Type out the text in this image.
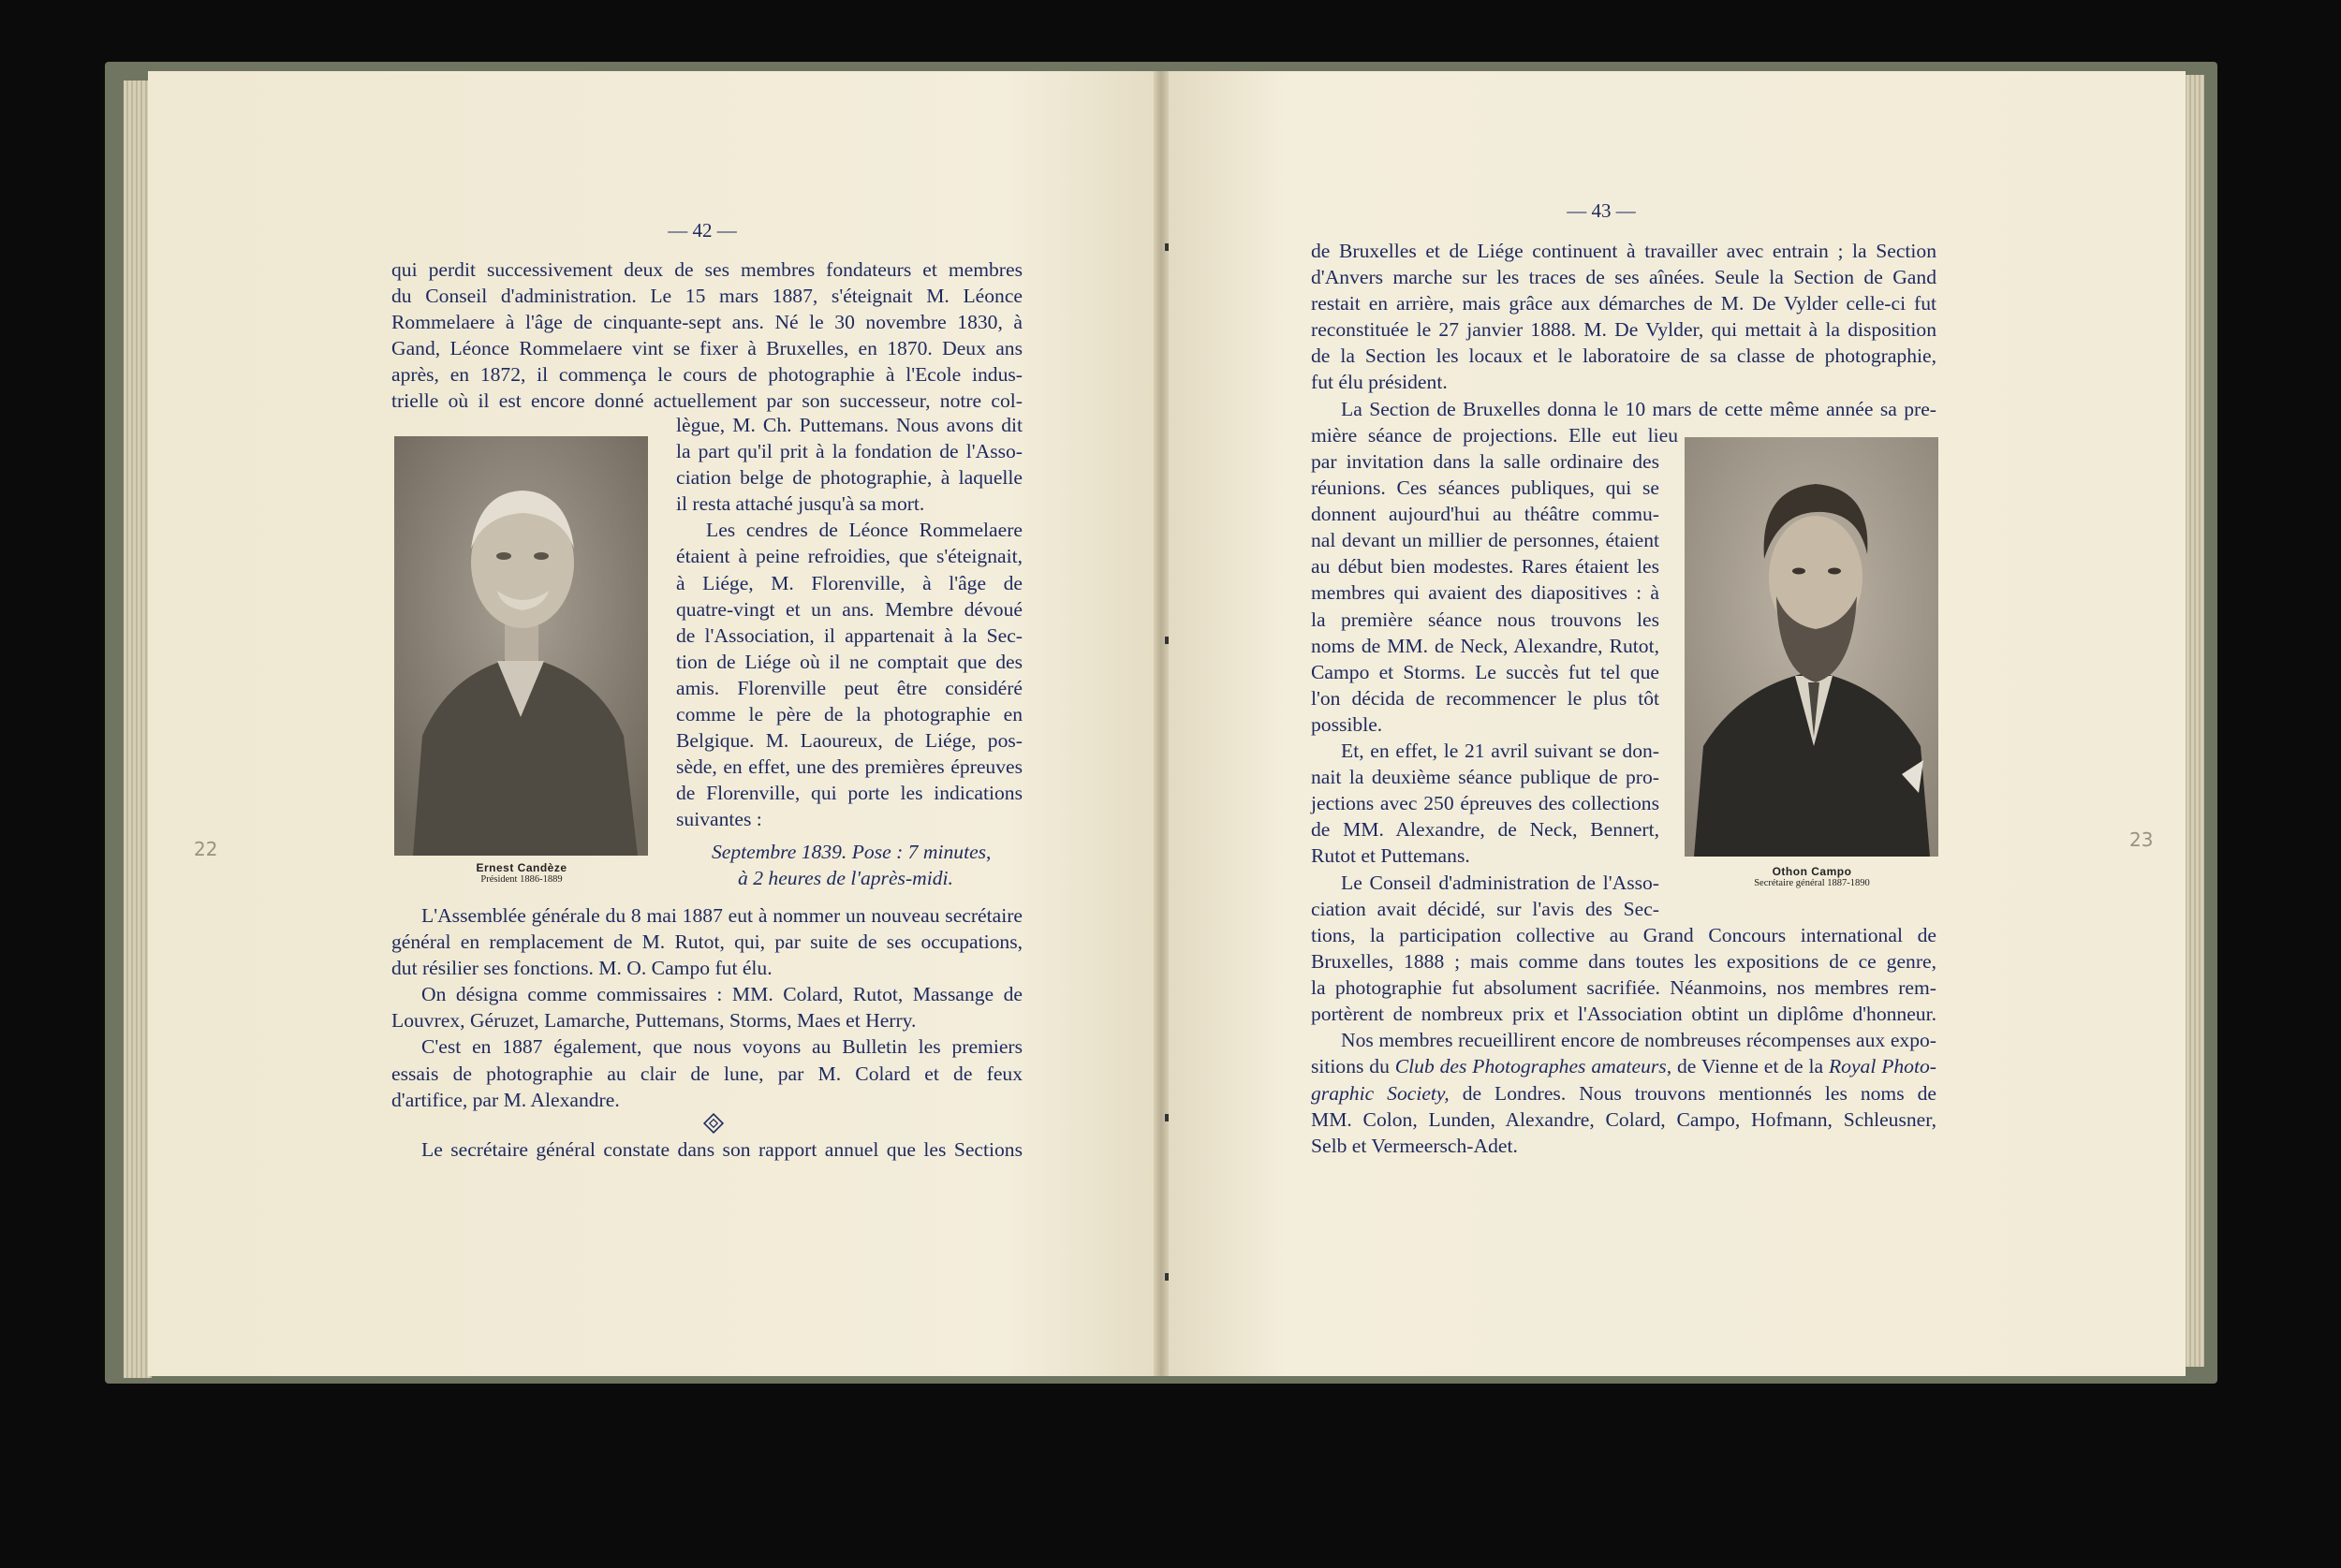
— 42 —
22

qui perdit successivement deux de ses membres fondateurs et membres

du Conseil d'administration. Le 15 mars 1887, s'éteignait M. Léonce

Rommelaere à l'âge de cinquante-sept ans. Né le 30 novembre 1830, à

Gand, Léonce Rommelaere vint se fixer à Bruxelles, en 1870. Deux ans

après, en 1872, il commença le cours de photographie à l'Ecole indus-

trielle où il est encore donné actuellement par son successeur, notre col-

Ernest Candèze
Président 1886-1889

lègue, M. Ch. Puttemans. Nous avons dit

la part qu'il prit à la fondation de l'Asso-

ciation belge de photographie, à laquelle

il resta attaché jusqu'à sa mort.

Les cendres de Léonce Rommelaere

étaient à peine refroidies, que s'éteignait,

à Liége, M. Florenville, à l'âge de

quatre-vingt et un ans. Membre dévoué

de l'Association, il appartenait à la Sec-

tion de Liége où il ne comptait que des

amis. Florenville peut être considéré

comme le père de la photographie en

Belgique. M. Laoureux, de Liége, pos-

sède, en effet, une des premières épreuves

de Florenville, qui porte les indications

suivantes :

Septembre 1839. Pose : 7 minutes,

à 2 heures de l'après-midi.

L'Assemblée générale du 8 mai 1887 eut à nommer un nouveau secrétaire

général en remplacement de M. Rutot, qui, par suite de ses occupations,

dut résilier ses fonctions. M. O. Campo fut élu.

On désigna comme commissaires : MM. Colard, Rutot, Massange de

Louvrex, Géruzet, Lamarche, Puttemans, Storms, Maes et Herry.

C'est en 1887 également, que nous voyons au Bulletin les premiers

essais de photographie au clair de lune, par M. Colard et de feux

d'artifice, par M. Alexandre.

Le secrétaire général constate dans son rapport annuel que les Sections

— 43 —
23

de Bruxelles et de Liége continuent à travailler avec entrain ; la Section

d'Anvers marche sur les traces de ses aînées. Seule la Section de Gand

restait en arrière, mais grâce aux démarches de M. De Vylder celle-ci fut

reconstituée le 27 janvier 1888. M. De Vylder, qui mettait à la disposition

de la Section les locaux et le laboratoire de sa classe de photographie,

fut élu président.

La Section de Bruxelles donna le 10 mars de cette même année sa pre-

mière séance de projections. Elle eut lieu

par invitation dans la salle ordinaire des

réunions. Ces séances publiques, qui se

donnent aujourd'hui au théâtre commu-

nal devant un millier de personnes, étaient

au début bien modestes. Rares étaient les

membres qui avaient des diapositives : à

la première séance nous trouvons les

noms de MM. de Neck, Alexandre, Rutot,

Campo et Storms. Le succès fut tel que

l'on décida de recommencer le plus tôt

possible.

Et, en effet, le 21 avril suivant se don-

nait la deuxième séance publique de pro-

jections avec 250 épreuves des collections

de MM. Alexandre, de Neck, Bennert,

Rutot et Puttemans.

Le Conseil d'administration de l'Asso-

ciation avait décidé, sur l'avis des Sec-

Othon Campo
Secrétaire général 1887-1890

tions, la participation collective au Grand Concours international de

Bruxelles, 1888 ; mais comme dans toutes les expositions de ce genre,

la photographie fut absolument sacrifiée. Néanmoins, nos membres rem-

portèrent de nombreux prix et l'Association obtint un diplôme d'honneur.

Nos membres recueillirent encore de nombreuses récompenses aux expo-

sitions du Club des Photographes amateurs, de Vienne et de la Royal Photo-

graphic Society, de Londres. Nous trouvons mentionnés les noms de

MM. Colon, Lunden, Alexandre, Colard, Campo, Hofmann, Schleusner,

Selb et Vermeersch-Adet.
